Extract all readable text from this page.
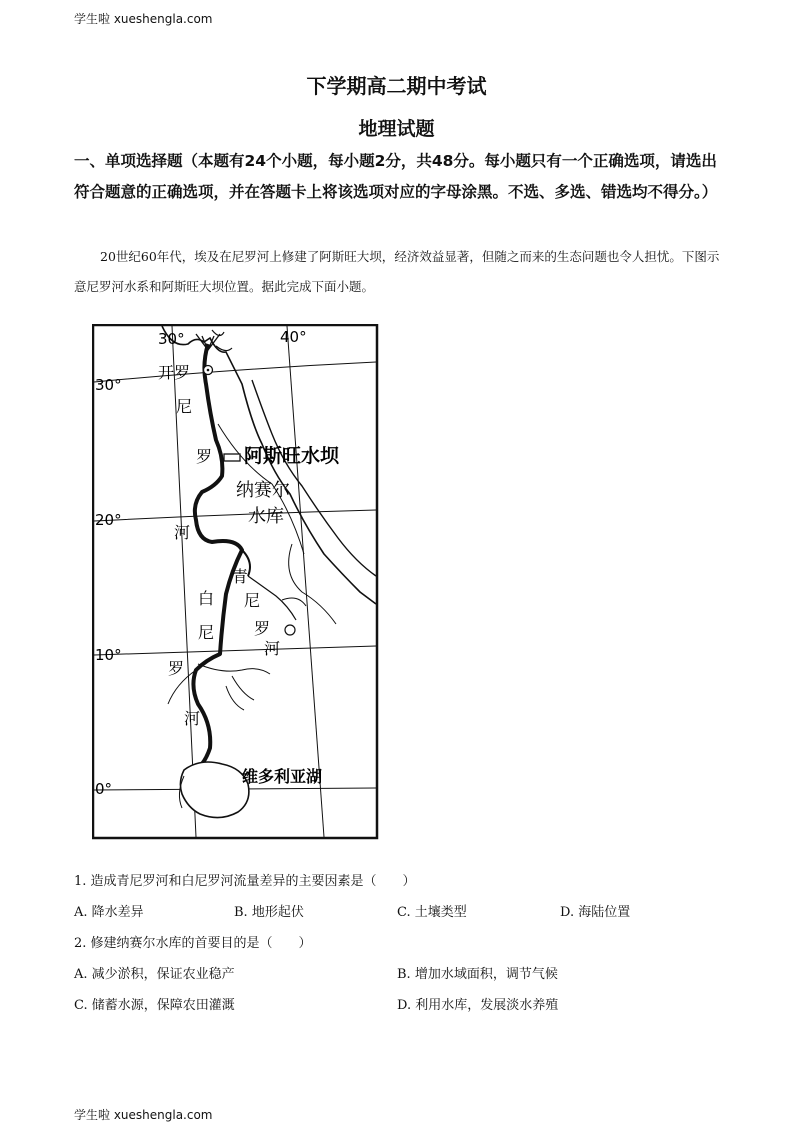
学生啦 xueshengla.com
下学期高二期中考试
地理试题
一、单项选择题（本题有24个小题，每小题2分，共48分。每小题只有一个正确选项，请选出符合题意的正确选项，并在答题卡上将该选项对应的字母涂黑。不选、多选、错选均不得分。）
20世纪60年代，埃及在尼罗河上修建了阿斯旺大坝，经济效益显著，但随之而来的生态问题也令人担忧。下图示意尼罗河水系和阿斯旺大坝位置。据此完成下面小题。
30°	40°
30°
20°
10°
0°
开罗
尼
罗
河
阿斯旺水坝
纳赛尔
水库
青
尼
罗
河
白
尼
罗
河
维多利亚湖
1. 造成青尼罗河和白尼罗河流量差异的主要因素是（　　）
A. 降水差异	B. 地形起伏	C. 土壤类型	D. 海陆位置
2. 修建纳赛尔水库的首要目的是（　　）
A. 减少淤积，保证农业稳产	B. 增加水域面积，调节气候
C. 储蓄水源，保障农田灌溉	D. 利用水库，发展淡水养殖
学生啦 xueshengla.com
